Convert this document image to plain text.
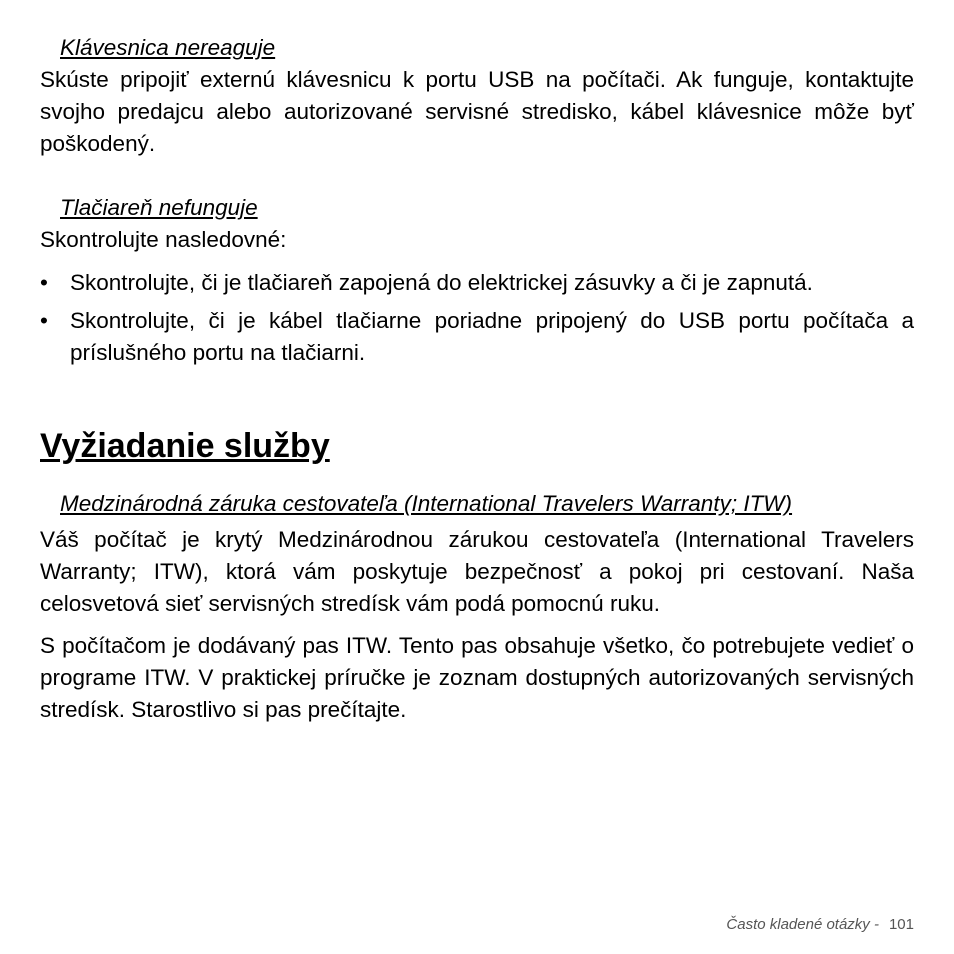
Klávesnica nereaguje

Skúste pripojiť externú klávesnicu k portu USB na počítači. Ak funguje, kontaktujte svojho predajcu alebo autorizované servisné stredisko, kábel klávesnice môže byť poškodený.

Tlačiareň nefunguje

Skontrolujte nasledovné:

• Skontrolujte, či je tlačiareň zapojená do elektrickej zásuvky a či je zapnutá.
• Skontrolujte, či je kábel tlačiarne poriadne pripojený do USB portu počítača a príslušného portu na tlačiarni.
Vyžiadanie služby
Medzinárodná záruka cestovateľa (International Travelers Warranty; ITW)

Váš počítač je krytý Medzinárodnou zárukou cestovateľa (International Travelers Warranty; ITW), ktorá vám poskytuje bezpečnosť a pokoj pri cestovaní. Naša celosvetová sieť servisných stredísk vám podá pomocnú ruku.

S počítačom je dodávaný pas ITW. Tento pas obsahuje všetko, čo potrebujete vedieť o programe ITW. V praktickej príručke je zoznam dostupných autorizovaných servisných stredísk. Starostlivo si pas prečítajte.

Často kladené otázky - 101
